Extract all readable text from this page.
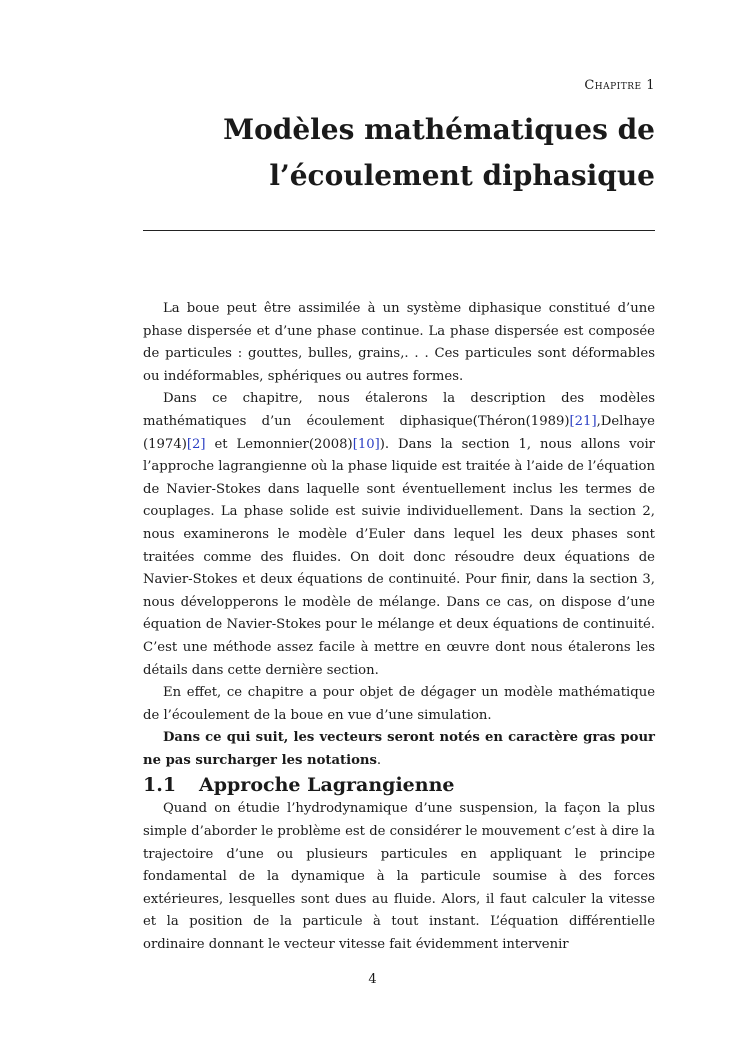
Chapitre 1
Modèles mathématiques de
l’écoulement diphasique

La boue peut être assimilée à un système diphasique constitué d’une phase dispersée et d’une phase continue. La phase dispersée est composée de particules : gouttes, bulles, grains,. . . Ces particules sont déformables ou indéformables, sphériques ou autres formes.

Dans ce chapitre, nous étalerons la description des modèles mathématiques d’un écoulement diphasique(Théron(1989)[21],Delhaye (1974)[2] et Lemonnier(2008)[10]). Dans la section 1, nous allons voir l’approche lagrangienne où la phase liquide est traitée à l’aide de l’équation de Navier-Stokes dans laquelle sont éventuellement inclus les termes de couplages. La phase solide est suivie individuellement. Dans la section 2, nous examinerons le modèle d’Euler dans lequel les deux phases sont traitées comme des fluides. On doit donc résoudre deux équations de Navier-Stokes et deux équations de continuité. Pour finir, dans la section 3, nous développerons le modèle de mélange. Dans ce cas, on dispose d’une équation de Navier-Stokes pour le mélange et deux équations de continuité. C’est une méthode assez facile à mettre en œuvre dont nous étalerons les détails dans cette dernière section.

En effet, ce chapitre a pour objet de dégager un modèle mathématique de l’écoulement de la boue en vue d’une simulation.

Dans ce qui suit, les vecteurs seront notés en caractère gras pour ne pas surcharger les notations.

1.1 Approche Lagrangienne

Quand on étudie l’hydrodynamique d’une suspension, la façon la plus simple d’aborder le problème est de considérer le mouvement c’est à dire la trajectoire d’une ou plusieurs particules en appliquant le principe fondamental de la dynamique à la particule soumise à des forces extérieures, lesquelles sont dues au fluide. Alors, il faut calculer la vitesse et la position de la particule à tout instant. L’équation différentielle ordinaire donnant le vecteur vitesse fait évidemment intervenir

4
